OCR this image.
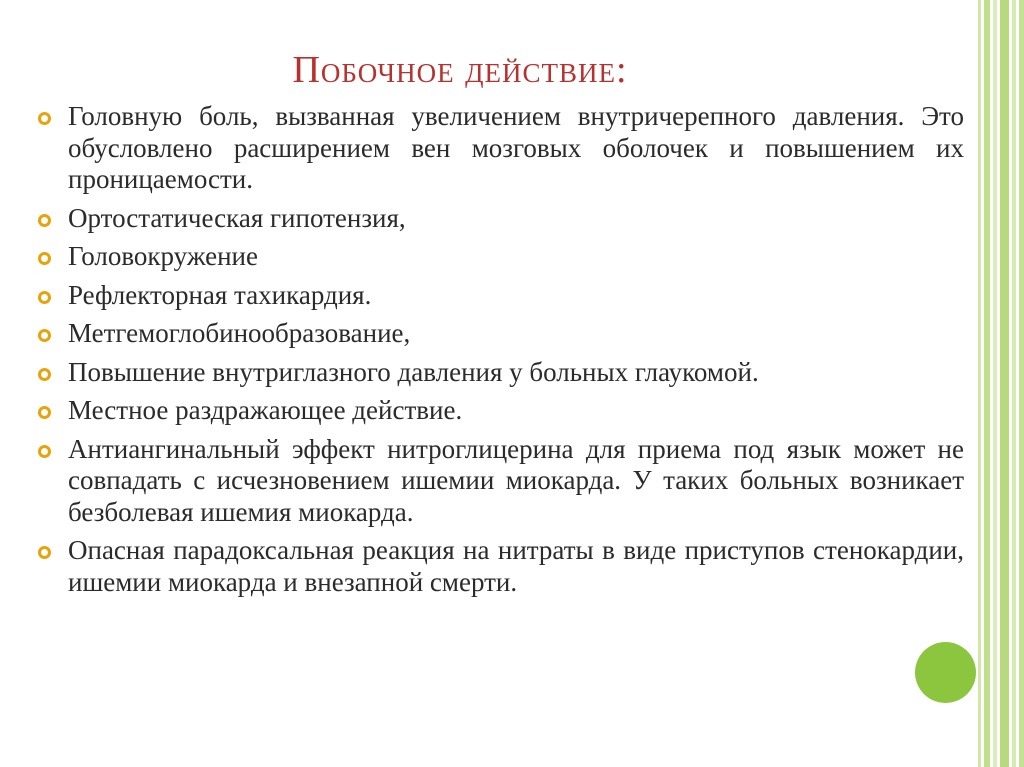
Побочное действие:
Головную боль, вызванная увеличением внутричерепного давления. Это обусловлено расширением вен мозговых оболочек и повышением их проницаемости.
Ортостатическая гипотензия,
Головокружение
Рефлекторная тахикардия.
Метгемоглобинообразование,
Повышение внутриглазного давления у больных глаукомой.
Местное раздражающее действие.
Антиангинальный эффект нитроглицерина для приема под язык может не совпадать с исчезновением ишемии миокарда. У таких больных возникает безболевая ишемия миокарда.
Опасная парадоксальная реакция на нитраты в виде приступов стенокардии, ишемии миокарда и внезапной смерти.
